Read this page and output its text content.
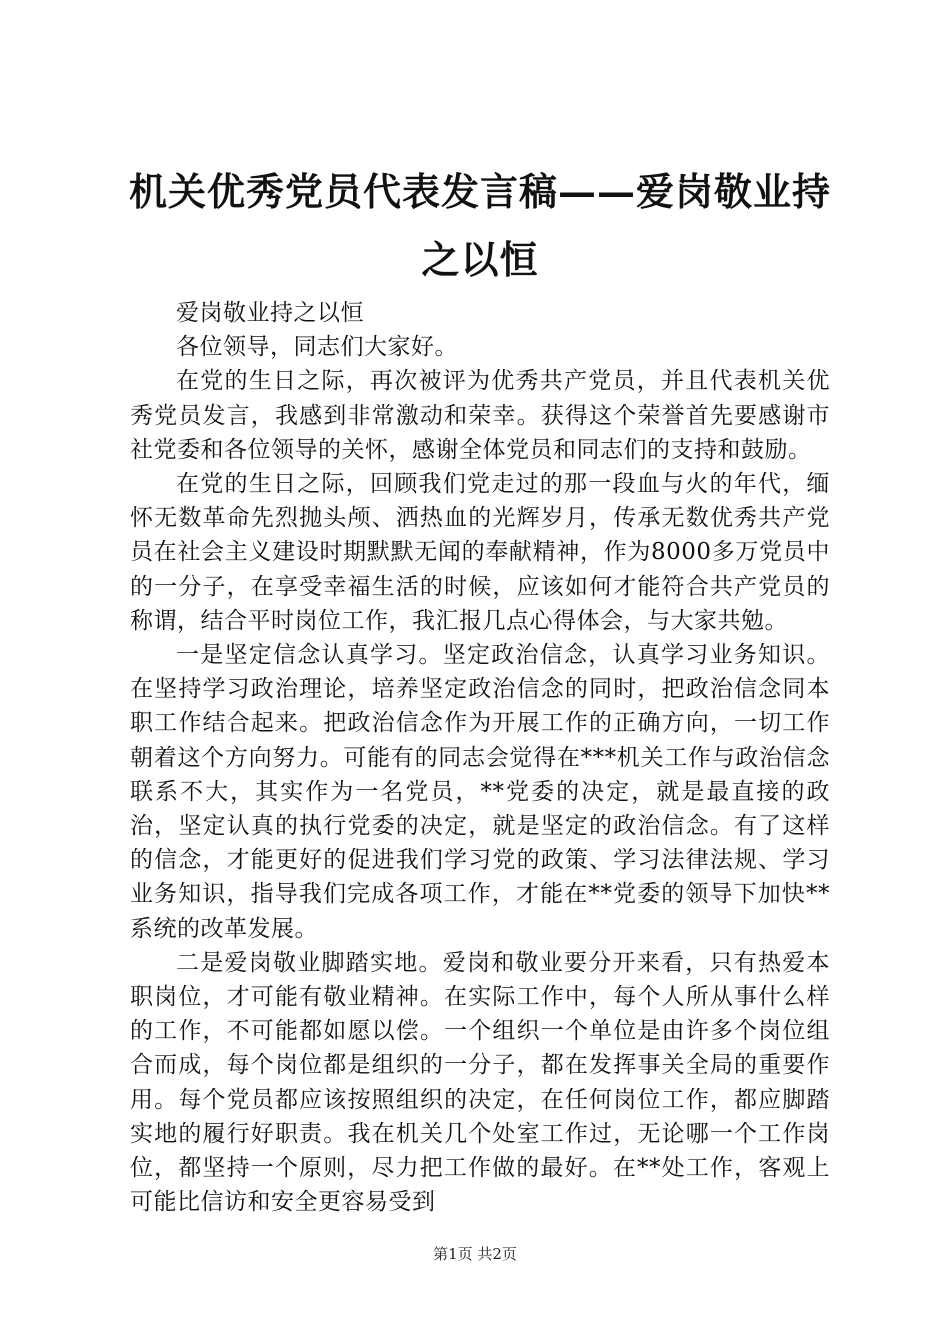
机关优秀党员代表发言稿——爱岗敬业持之以恒

爱岗敬业持之以恒

各位领导，同志们大家好。

在党的生日之际，再次被评为优秀共产党员，并且代表机关优秀党员发言，我感到非常激动和荣幸。获得这个荣誉首先要感谢市社党委和各位领导的关怀，感谢全体党员和同志们的支持和鼓励。

在党的生日之际，回顾我们党走过的那一段血与火的年代，缅怀无数革命先烈抛头颅、洒热血的光辉岁月，传承无数优秀共产党员在社会主义建设时期默默无闻的奉献精神，作为8000多万党员中的一分子，在享受幸福生活的时候，应该如何才能符合共产党员的称谓，结合平时岗位工作，我汇报几点心得体会，与大家共勉。

一是坚定信念认真学习。坚定政治信念，认真学习业务知识。在坚持学习政治理论，培养坚定政治信念的同时，把政治信念同本职工作结合起来。把政治信念作为开展工作的正确方向，一切工作朝着这个方向努力。可能有的同志会觉得在***机关工作与政治信念联系不大，其实作为一名党员，**党委的决定，就是最直接的政治，坚定认真的执行党委的决定，就是坚定的政治信念。有了这样的信念，才能更好的促进我们学习党的政策、学习法律法规、学习业务知识，指导我们完成各项工作，才能在**党委的领导下加快**系统的改革发展。

二是爱岗敬业脚踏实地。爱岗和敬业要分开来看，只有热爱本职岗位，才可能有敬业精神。在实际工作中，每个人所从事什么样的工作，不可能都如愿以偿。一个组织一个单位是由许多个岗位组合而成，每个岗位都是组织的一分子，都在发挥事关全局的重要作用。每个党员都应该按照组织的决定，在任何岗位工作，都应脚踏实地的履行好职责。我在机关几个处室工作过，无论哪一个工作岗位，都坚持一个原则，尽力把工作做的最好。在**处工作，客观上可能比信访和安全更容易受到

第1页 共2页
